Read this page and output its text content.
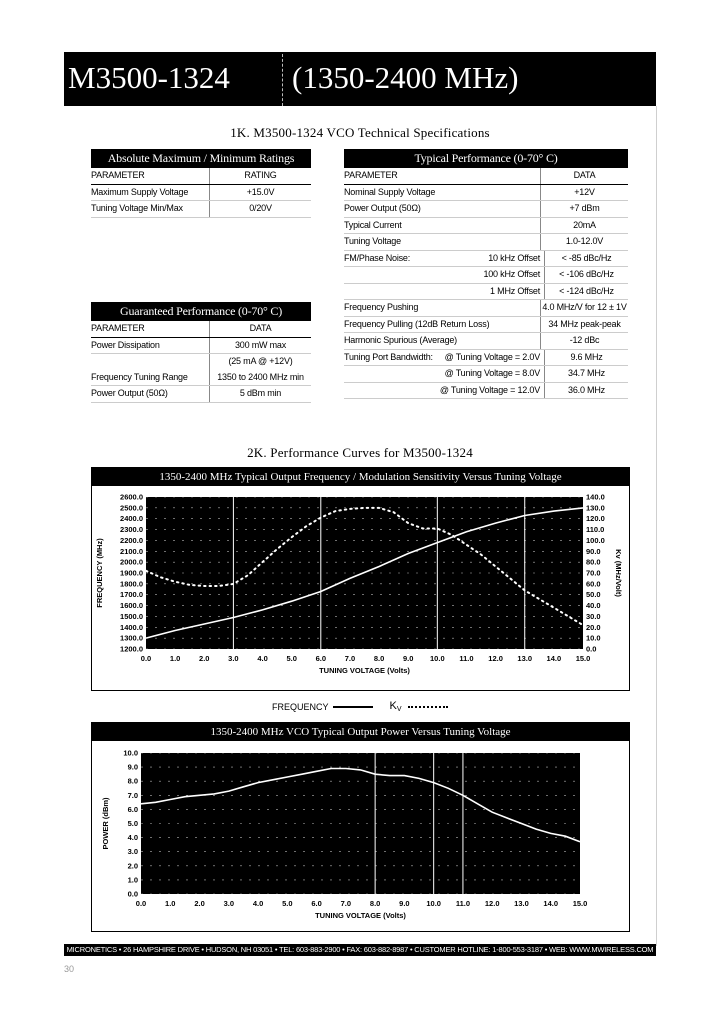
M3500-1324 (1350-2400 MHz)
1K. M3500-1324 VCO Technical Specifications
Absolute Maximum / Minimum Ratings
PARAMETER	RATING
Maximum Supply Voltage	+15.0V
Tuning Voltage Min/Max	0/20V
Guaranteed Performance (0-70° C)
PARAMETER	DATA
Power Dissipation	300 mW max
(25 mA @ +12V)
Frequency Tuning Range	1350 to 2400 MHz min
Power Output (50Ω)	5 dBm min
Typical Performance (0-70° C)
PARAMETER	DATA
Nominal Supply Voltage	+12V
Power Output (50Ω)	+7 dBm
Typical Current	20mA
Tuning Voltage	1.0-12.0V
FM/Phase Noise:	10 kHz Offset	< -85 dBc/Hz
100 kHz Offset	< -106 dBc/Hz
1 MHz Offset	< -124 dBc/Hz
Frequency Pushing	4.0 MHz/V for 12 ± 1V
Frequency Pulling (12dB Return Loss)	34 MHz peak-peak
Harmonic Spurious (Average)	-12 dBc
Tuning Port Bandwidth:	@ Tuning Voltage = 2.0V	9.6 MHz
@ Tuning Voltage = 8.0V	34.7 MHz
@ Tuning Voltage = 12.0V	36.0 MHz
2K. Performance Curves for M3500-1324
1350-2400 MHz Typical Output Frequency / Modulation Sensitivity Versus Tuning Voltage
0.0 1.0 2.0 3.0 4.0 5.0 6.0 7.0 8.0 9.0 10.0 11.0 12.0 13.0 14.0 15.0
1200.0
1300.0
1400.0
1500.0
1600.0
1700.0
1800.0
1900.0
2000.0
2100.0
2200.0
2300.0
2400.0
2500.0
2600.0
0.0
10.0
20.0
30.0
40.0
50.0
60.0
70.0
80.0
90.0
100.0
110.0
120.0
130.0
140.0
TUNING VOLTAGE (Volts)
FREQUENCY (MHz)	Kv (MHz/Volt)
FREQUENCY	$K_V$
1350-2400 MHz VCO Typical Output Power Versus Tuning Voltage
0.0	1.0	2.0	3.0	4.0	5.0	6.0	7.0	8.0	9.0 10.0 11.0 12.0 13.0 14.0 15.0
0.0
1.0
2.0
3.0
4.0
5.0
6.0
7.0
8.0
9.0
10.0
TUNING VOLTAGE (Volts)
POWER (dBm)
MICRONETICS • 26 HAMPSHIRE DRIVE • HUDSON, NH 03051 • TEL: 603-883-2900 • FAX: 603-882-8987 • CUSTOMER HOTLINE: 1-800-553-3187 • WEB: WWW.MWIRELESS.COM
30
